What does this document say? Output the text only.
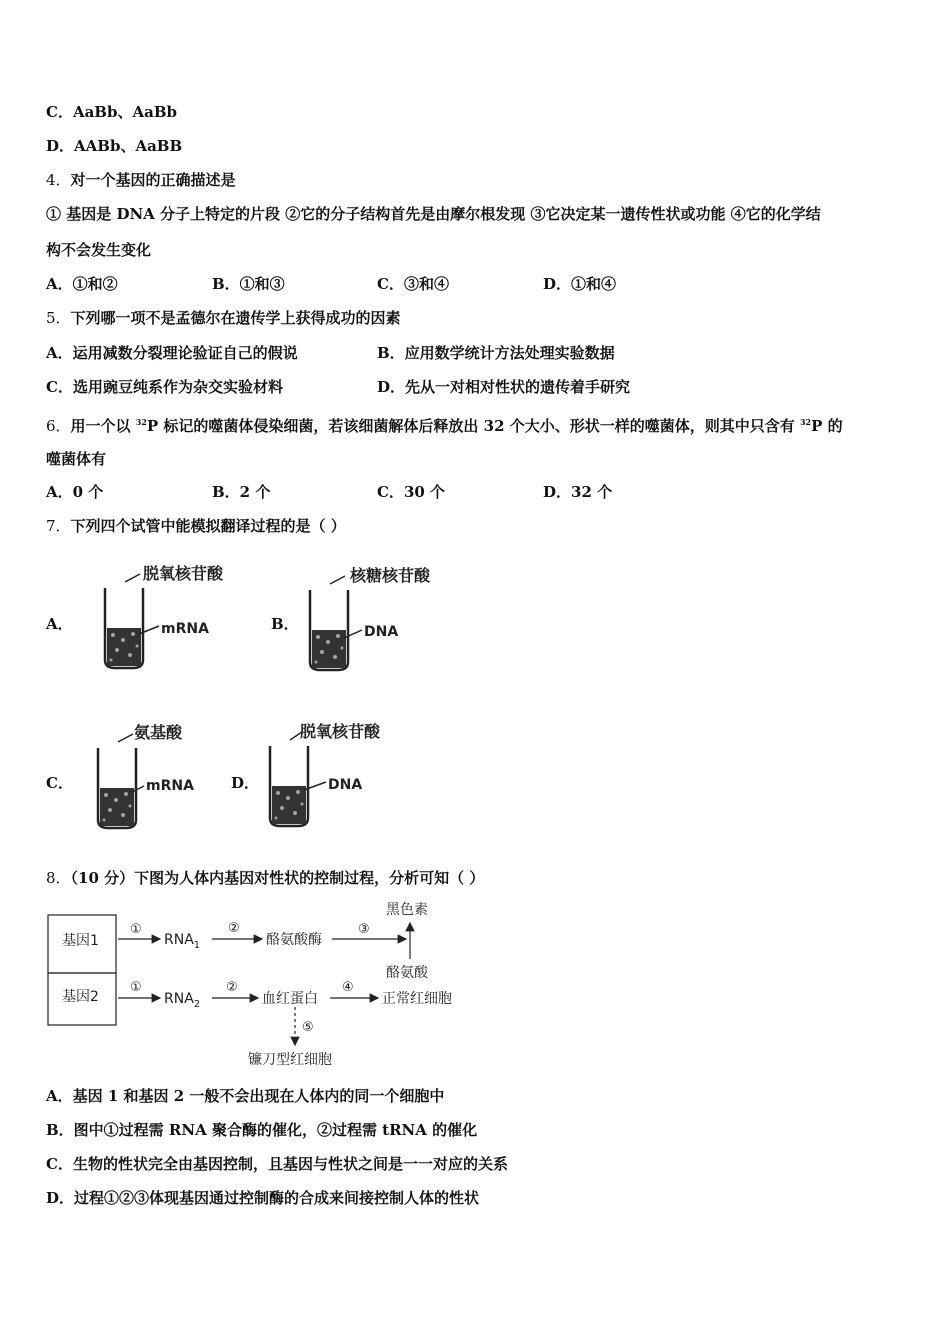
C．AaBb、AaBb
D．AABb、AaBB
4．对一个基因的正确描述是
① 基因是 DNA 分子上特定的片段 ②它的分子结构首先是由摩尔根发现 ③它决定某一遗传性状或功能 ④它的化学结
构不会发生变化
A．①和②	B．①和③	C．③和④	D．①和④
5．下列哪一项不是孟德尔在遗传学上获得成功的因素
A．运用减数分裂理论验证自己的假说	B．应用数学统计方法处理实验数据
C．选用豌豆纯系作为杂交实验材料	D．先从一对相对性状的遗传着手研究
6．用一个以 $^{32}$P 标记的噬菌体侵染细菌，若该细菌解体后释放出 32 个大小、形状一样的噬菌体，则其中只含有 $^{32}$P 的
噬菌体有
A．0 个	B．2 个	C．30 个	D．32 个
7．下列四个试管中能模拟翻译过程的是（ ）
A．
脱氧核苷酸
mRNA	B．
核糖核苷酸
DNA
C．
氨基酸
mRNA D．
脱氧核苷酸
DNA
8．（10 分）下图为人体内基因对性状的控制过程，分析可知（ ）
基因1
基因2
①
$RNA_1$
②
酪氨酸酶
③
黑色素
酪氨酸
①
$RNA_2$
②
血红蛋白
④
正常红细胞
⑤
镰刀型红细胞
A．基因 1 和基因 2 一般不会出现在人体内的同一个细胞中
B．图中①过程需 RNA 聚合酶的催化，②过程需 tRNA 的催化
C．生物的性状完全由基因控制，且基因与性状之间是一一对应的关系
D．过程①②③体现基因通过控制酶的合成来间接控制人体的性状
